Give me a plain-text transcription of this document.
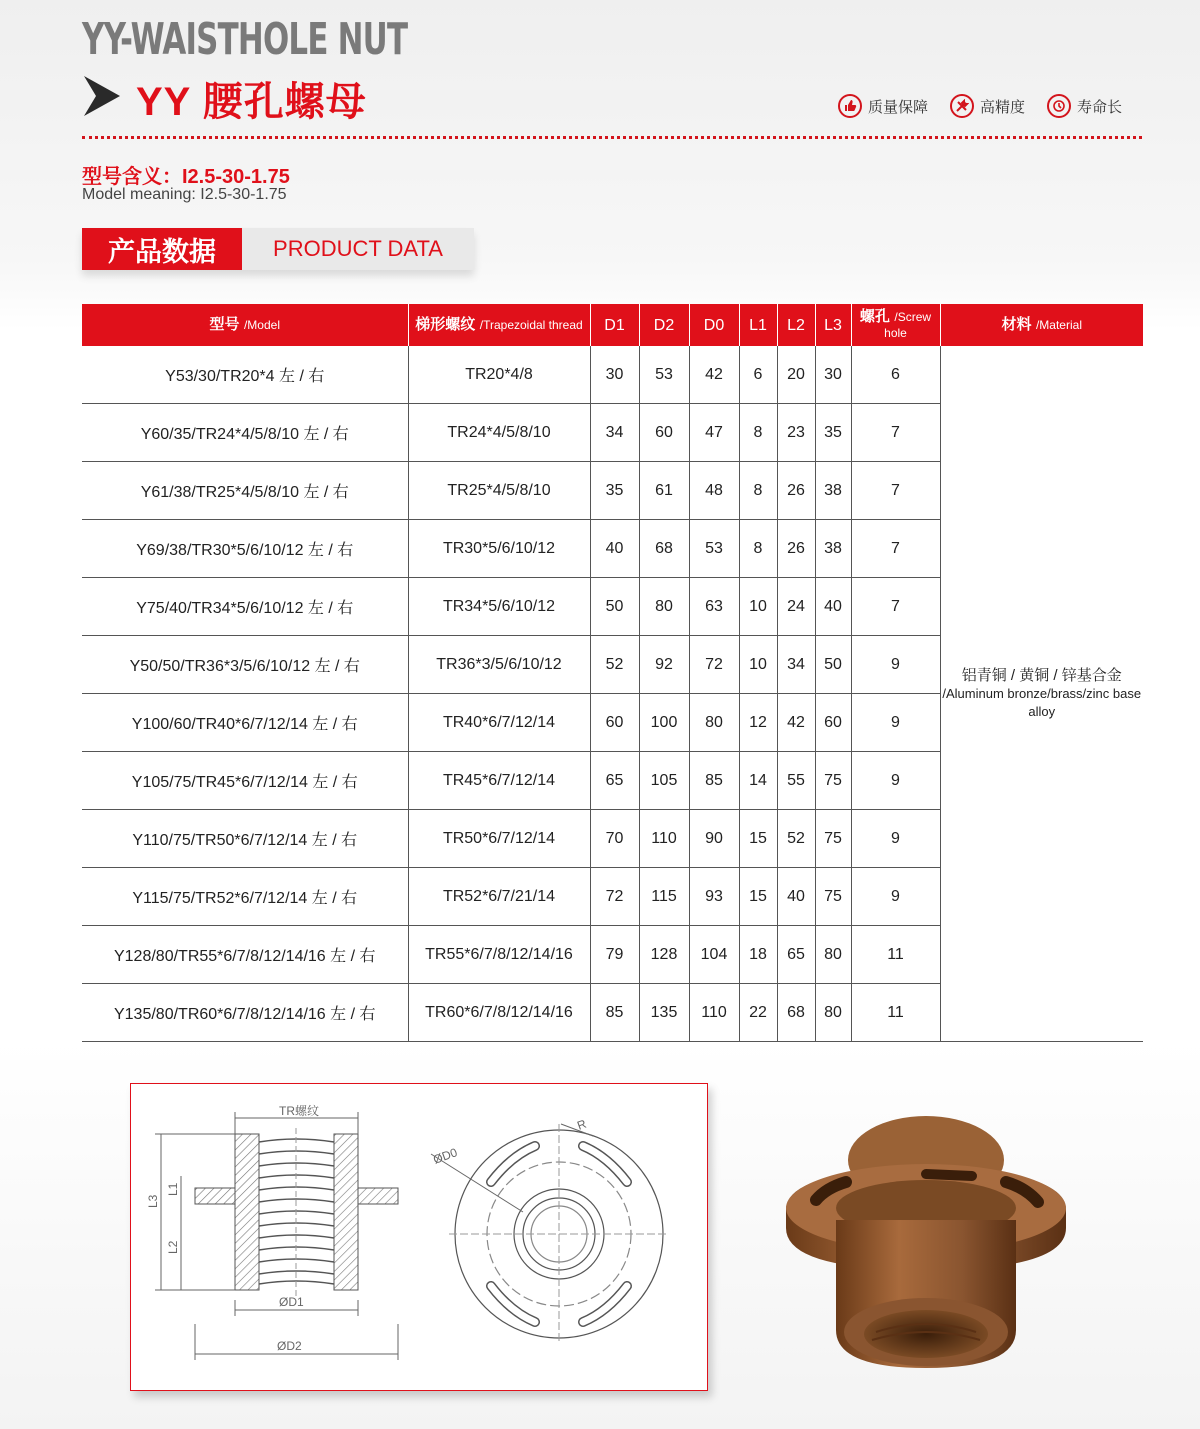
YY-WAISTHOLE NUT
YY 腰孔螺母	质量保障	高精度	寿命长
型号含义：I2.5-30-1.75
Model meaning: I2.5-30-1.75
产品数据	PRODUCT DATA
型号 /Model	梯形螺纹 /Trapezoidal thread	D1	D2	D0	L1	L2	L3	螺孔 /Screw hole	材料 /Material
Y53/30/TR20*4 左 / 右	TR20*4/8	30	53	42	6	20	30	6	铝青铜 / 黄铜 / 锌基合金
/Aluminum bronze/brass/zinc base alloy

Y60/35/TR24*4/5/8/10 左 / 右	TR24*4/5/8/10	34	60	47	8	23	35	7	
Y61/38/TR25*4/5/8/10 左 / 右	TR25*4/5/8/10	35	61	48	8	26	38	7	
Y69/38/TR30*5/6/10/12 左 / 右	TR30*5/6/10/12	40	68	53	8	26	38	7	
Y75/40/TR34*5/6/10/12 左 / 右	TR34*5/6/10/12	50	80	63	10	24	40	7	
Y50/50/TR36*3/5/6/10/12 左 / 右	TR36*3/5/6/10/12	52	92	72	10	34	50	9	
Y100/60/TR40*6/7/12/14 左 / 右	TR40*6/7/12/14	60	100	80	12	42	60	9	
Y105/75/TR45*6/7/12/14 左 / 右	TR45*6/7/12/14	65	105	85	14	55	75	9	
Y110/75/TR50*6/7/12/14 左 / 右	TR50*6/7/12/14	70	110	90	15	52	75	9	
Y115/75/TR52*6/7/12/14 左 / 右	TR52*6/7/21/14	72	115	93	15	40	75	9	
Y128/80/TR55*6/7/8/12/14/16 左 / 右	TR55*6/7/8/12/14/16	79	128	104	18	65	80	11	
Y135/80/TR60*6/7/8/12/14/16 左 / 右	TR60*6/7/8/12/14/16	85	135	110	22	68	80	11	
TR螺纹
L3
L1
L2
ØD1
ØD2
ØD0
R
